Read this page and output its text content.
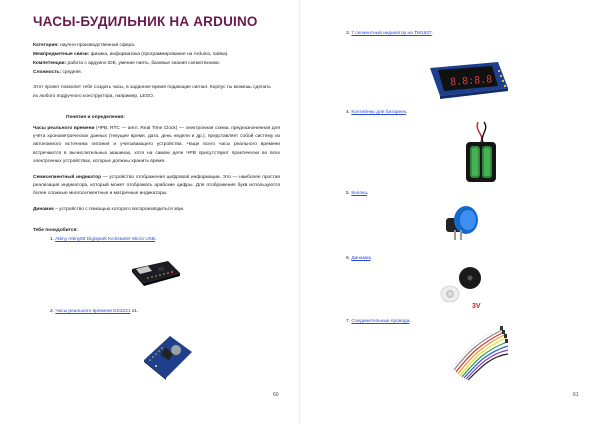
ЧАСЫ-БУДИЛЬНИК НА ARDUINO
Категория: научно-производственная сфера.
Межпредметные связи: физика, информатика (программирование на Arduino, пайка).
Компетенции: работа с ардуино IDE, умение паять, базовые знания схемотехники.
Сложность: средняя.
Этот проект позволит тебе создать часы, в заданное время подающие сигнал. Корпус ты можешь сделать
из любого подручного конструктора, например, LEGO.
Понятия и определения:
Часы реального времени (ЧРВ, RTC — англ. Real Time Clock) — электронная схема, предназначенная для учёта хронометрических данных (текущее время, дата, день недели и др.), представляет собой систему из автономного источника питания и учитывающего устройства. Чаще всего часы реального времени встречаются в вычислительных машинах, хотя на самом деле ЧРВ присутствуют практически во всех электронных устройствах, которые должны хранить время.
Семисегментный индикатор — устройство отображения цифровой информации. Это — наиболее простая реализация индикатора, который может отображать арабские цифры. Для отображения букв используются более сложные многосегментные и матричные индикаторы.
Динамик – устройство с помощью которого воспроизводиться звук.
Тебе понадобится:
1. Attiny Attiny85 Digispark Kickstarter Micro USB.
2. Часы реального времени DS3231 x1.
60
3. 7 сегментный индикатор на TM1637.
8.8:8.8
4. Контейнер для батареек.
5. Кнопка.
6. Динамик.
3V
7. Соединительные провода.
61
